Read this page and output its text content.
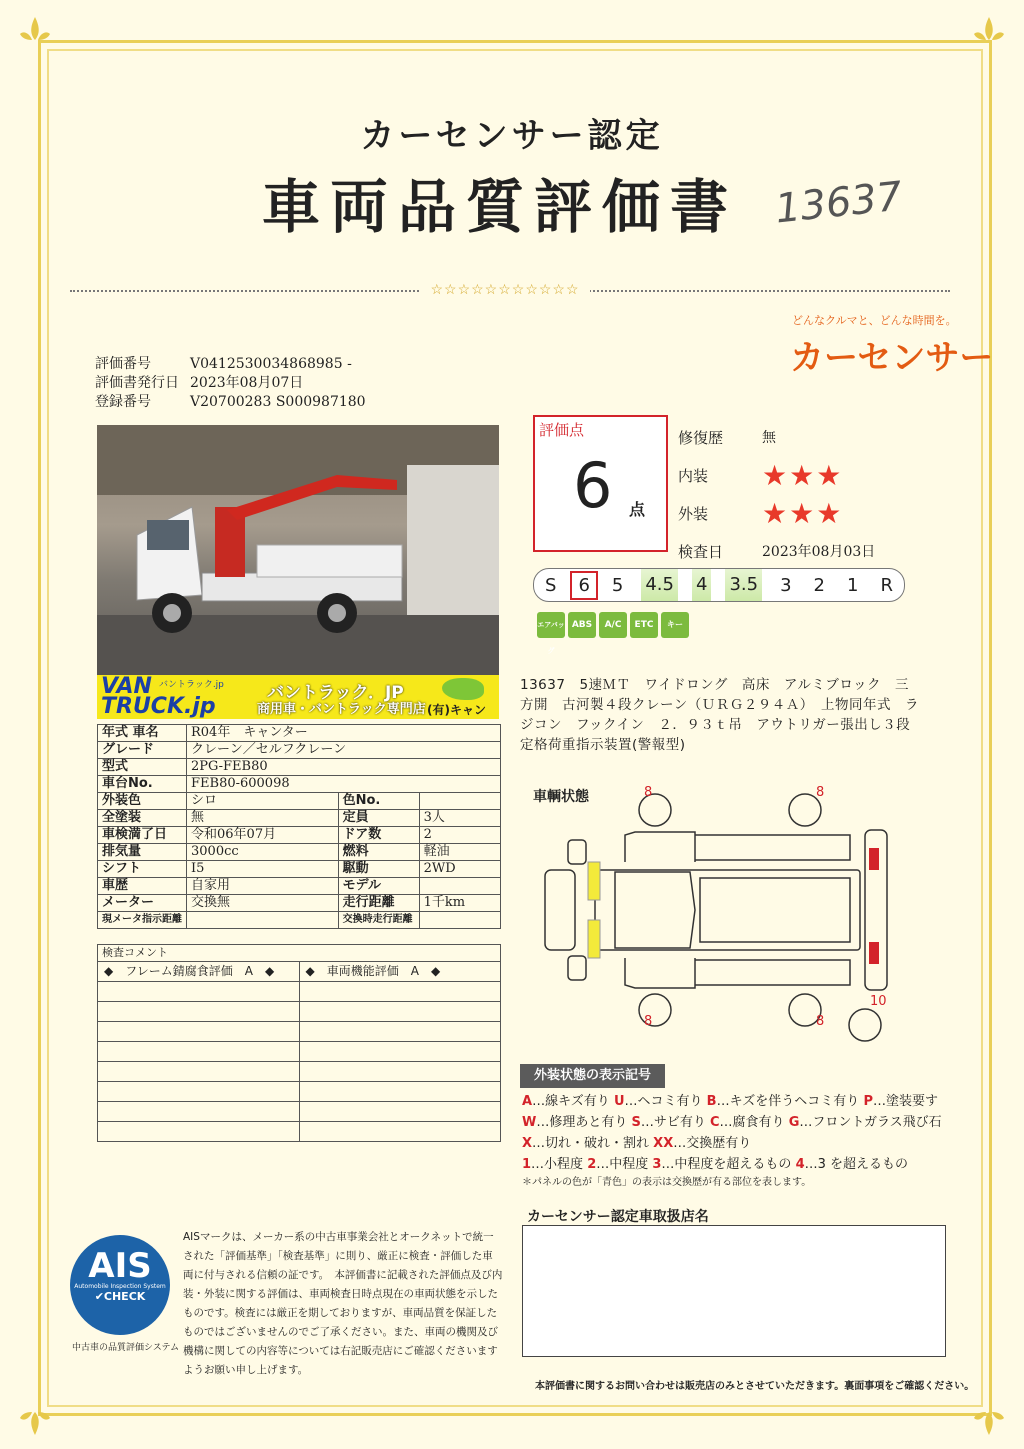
カーセンサー認定
車両品質評価書 13637
☆☆☆☆☆☆☆☆☆☆☆
どんなクルマと、どんな時間を。
カーセンサー
評価番号	V0412530034868985 -
評価書発行日 2023年08月07日
登録番号	V20700283 S000987180
VAN
TRUCK.jp
バントラック．JP
商用車・バントラック専門店 (有)キャン
バントラック.jp
年式 車名	R04年　キャンター		
グレード	クレーン／セルフクレーン		
型式	2PG-FEB80		
車台No.	FEB80-600098		
外装色	シロ	色No.	
全塗装	無	定員	3人
車検満了日	令和06年07月	ドア数	2
排気量	3000cc	燃料	軽油
シフト	I5	駆動	2WD
車歴	自家用	モデル	
メーター	交換無	走行距離	1千km
現メータ指示距離		交換時走行距離	
検査コメント
◆　フレーム錆腐食評価　A　◆	◆　車両機能評価　A　◆
評価点
6 点
修復歴	無
内装	★★★
外装	★★★
検査日	2023年08月03日
S 6 5 4.5 4 3.5 3 2 1 R
エアバッグ
ABS	A/C	ETC	キー
13637　5速ＭＴ　ワイドロング　高床　アルミブロック　三方開　古河製４段クレーン（ＵＲＧ２９４Ａ）　上物同年式　ラジコン　フックイン　２．９３ｔ吊　アウトリガー張出し３段　定格荷重指示装置(警報型)
車輌状態	8	8
8	8
10
外装状態の表示記号
A…線キズ有り U…ヘコミ有り B…キズを伴うヘコミ有り P…塗装要す
W…修理あと有り S…サビ有り C…腐食有り G…フロントガラス飛び石
X…切れ・破れ・割れ XX…交換歴有り
1…小程度 2…中程度 3…中程度を超えるもの 4…3 を超えるもの
＊パネルの色が「青色」の表示は交換歴が有る部位を表します。
カーセンサー認定車取扱店名
AIS
Automobile Inspection System
✔CHECK
中古車の品質評価システム
AISマークは、メーカー系の中古車事業会社とオークネットで統一された「評価基準」「検査基準」に則り、厳正に検査・評価した車両に付与される信頼の証です。　本評価書に記載された評価点及び内装・外装に関する評価は、車両検査日時点現在の車両状態を示したものです。検査には厳正を期しておりますが、車両品質を保証したものではございませんのでご了承ください。また、車両の機関及び機構に関しての内容等については右記販売店にご確認くださいますようお願い申し上げます。
本評価書に関するお問い合わせは販売店のみとさせていただきます。裏面事項をご確認ください。
